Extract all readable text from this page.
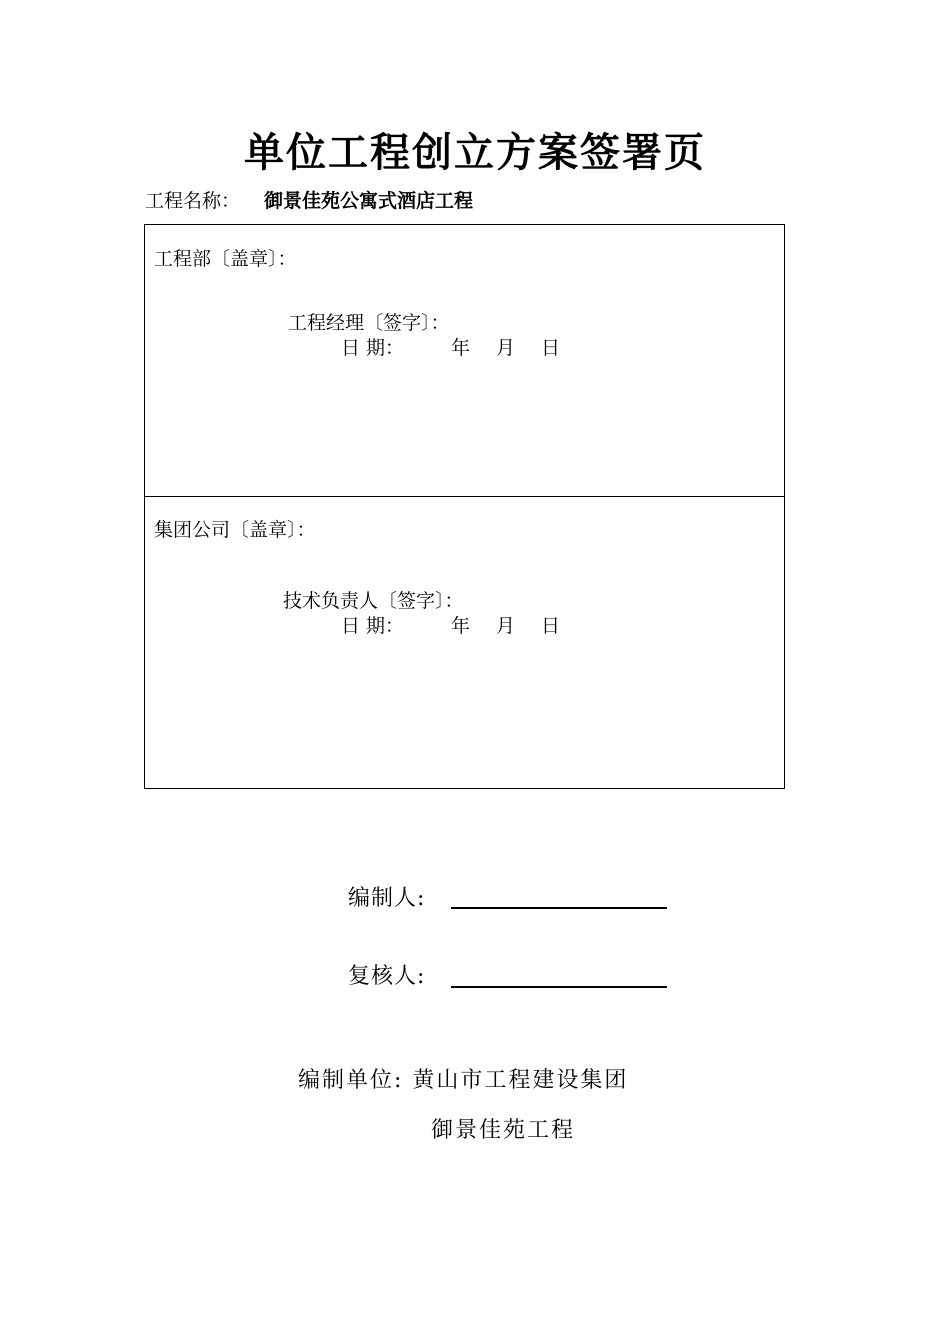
单位工程创立方案签署页
工程名称： 御景佳苑公寓式酒店工程
工程部〔盖章〕：
工程经理〔签字〕：
日 期： 年 月 日
集团公司〔盖章〕：
技术负责人〔签字〕：
日 期： 年 月 日
编制人:
复核人:
编制单位: 黄山市工程建设集团
御景佳苑工程
